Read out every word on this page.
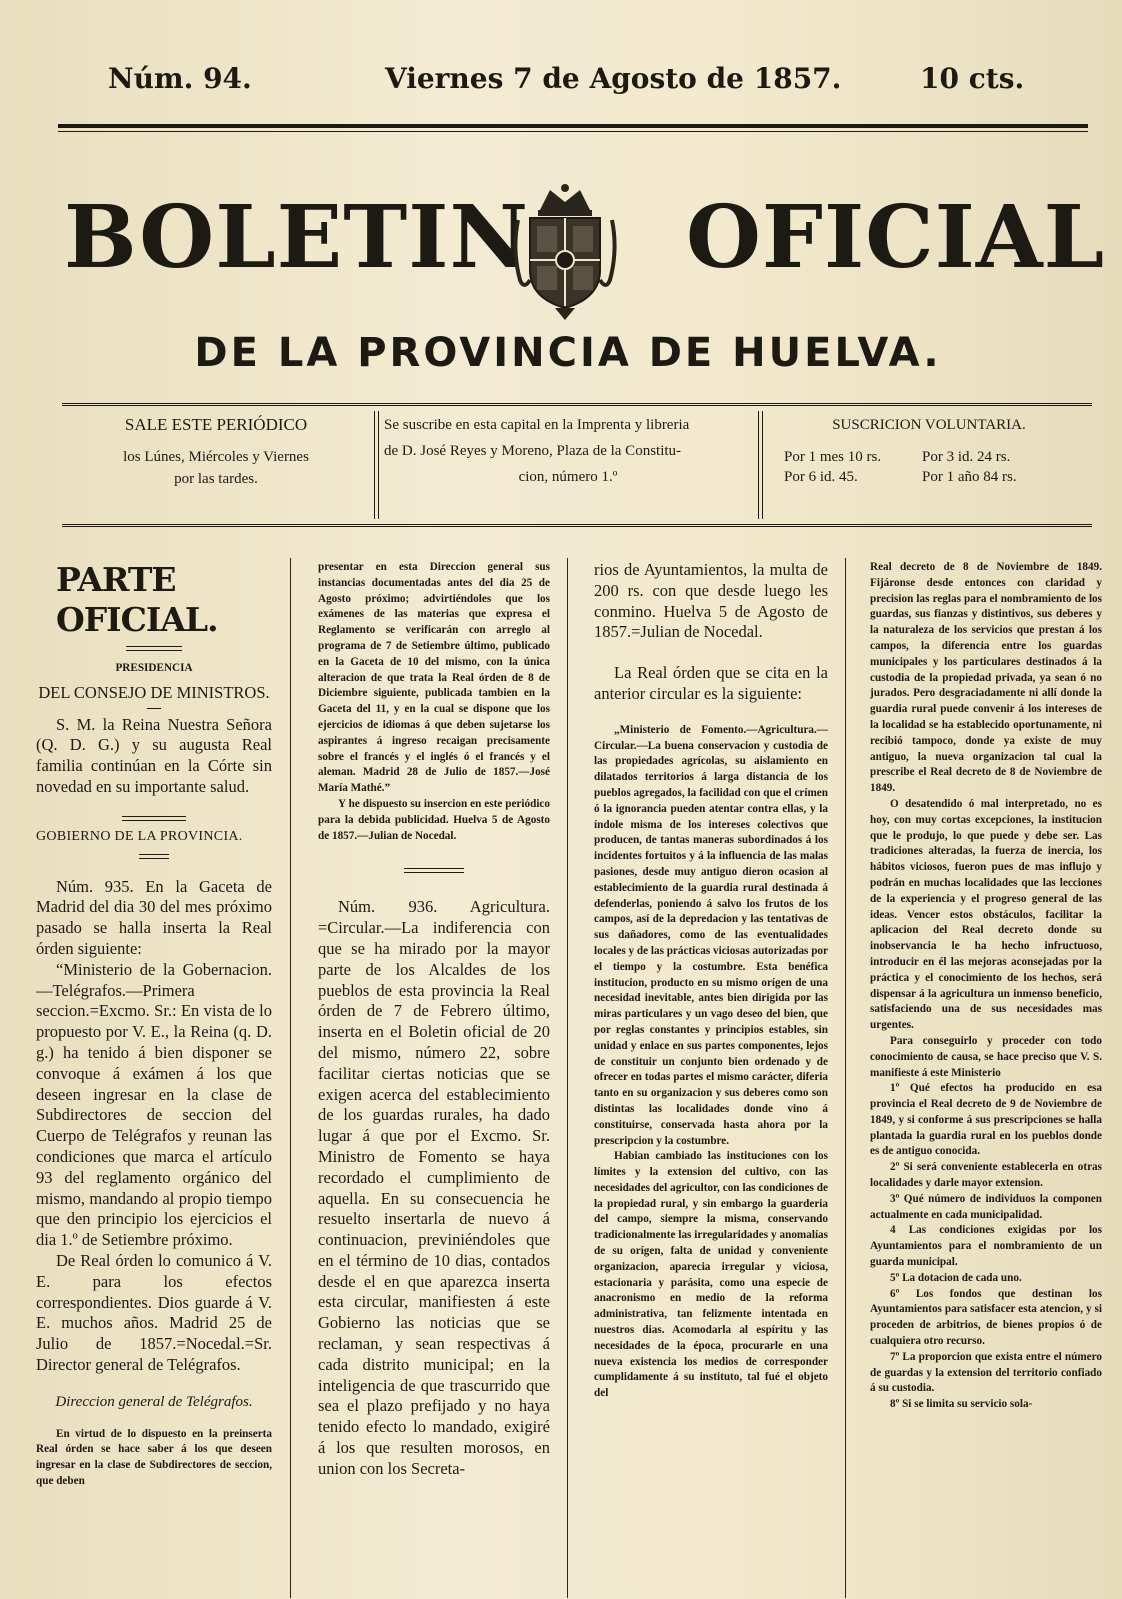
Núm. 94.	Viernes 7 de Agosto de 1857.	10 cts.
BOLETIN OFICIAL
DE LA PROVINCIA DE HUELVA.
SALE ESTE PERIÓDICO
los Lúnes, Miércoles y Viernes
por las tardes.
Se suscribe en esta capital en la Imprenta y libreria
de D. José Reyes y Moreno, Plaza de la Constitu-
cion, número 1.º
SUSCRICION VOLUNTARIA.
Por 1 mes 10 rs.	Por 3 id. 24 rs.
Por 6 id. 45.	Por 1 año 84 rs.
PARTE OFICIAL.

PRESIDENCIA

DEL CONSEJO DE MINISTROS.

S. M. la Reina Nuestra Señora (Q. D. G.) y su augusta Real familia continúan en la Córte sin novedad en su importante salud.

GOBIERNO DE LA PROVINCIA.

Núm. 935. En la Gaceta de Madrid del dia 30 del mes próximo pasado se halla inserta la Real órden siguiente:

“Ministerio de la Gobernacion.—Telégrafos.—Primera seccion.=Excmo. Sr.: En vista de lo propuesto por V. E., la Reina (q. D. g.) ha tenido á bien disponer se convoque á exámen á los que deseen ingresar en la clase de Subdirectores de seccion del Cuerpo de Telégrafos y reunan las condiciones que marca el artículo 93 del reglamento orgánico del mismo, mandando al propio tiempo que den principio los ejercicios el dia 1.º de Setiembre próximo.

De Real órden lo comunico á V. E. para los efectos correspondientes. Dios guarde á V. E. muchos años. Madrid 25 de Julio de 1857.=Nocedal.=Sr. Director general de Telégrafos.

Direccion general de Telégrafos.

En virtud de lo dispuesto en la preinserta Real órden se hace saber á los que deseen ingresar en la clase de Subdirectores de seccion, que deben

presentar en esta Direccion general sus instancias documentadas antes del dia 25 de Agosto próximo; advirtiéndoles que los exámenes de las materias que expresa el Reglamento se verificarán con arreglo al programa de 7 de Setiembre último, publicado en la Gaceta de 10 del mismo, con la única alteracion de que trata la Real órden de 8 de Diciembre siguiente, publicada tambien en la Gaceta del 11, y en la cual se dispone que los ejercicios de idiomas á que deben sujetarse los aspirantes á ingreso recaigan precisamente sobre el francés y el inglés ó el francés y el aleman. Madrid 28 de Julio de 1857.—José María Mathé.”

Y he dispuesto su insercion en este periódico para la debida publicidad. Huelva 5 de Agosto de 1857.—Julian de Nocedal.

Núm. 936. Agricultura. =Circular.—La indiferencia con que se ha mirado por la mayor parte de los Alcaldes de los pueblos de esta provincia la Real órden de 7 de Febrero último, inserta en el Boletin oficial de 20 del mismo, número 22, sobre facilitar ciertas noticias que se exigen acerca del establecimiento de los guardas rurales, ha dado lugar á que por el Excmo. Sr. Ministro de Fomento se haya recordado el cumplimiento de aquella. En su consecuencia he resuelto insertarla de nuevo á continuacion, previniéndoles que en el término de 10 dias, contados desde el en que aparezca inserta esta circular, manifiesten á este Gobierno las noticias que se reclaman, y sean respectivas á cada distrito municipal; en la inteligencia de que trascurrido que sea el plazo prefijado y no haya tenido efecto lo mandado, exigiré á los que resulten morosos, en union con los Secreta-

rios de Ayuntamientos, la multa de 200 rs. con que desde luego les conmino. Huelva 5 de Agosto de 1857.=Julian de Nocedal.

La Real órden que se cita en la anterior circular es la siguiente:

„Ministerio de Fomento.—Agricultura.—Circular.—La buena conservacion y custodia de las propiedades agrícolas, su aislamiento en dilatados territorios á larga distancia de los pueblos agregados, la facilidad con que el crímen ó la ignorancia pueden atentar contra ellas, y la índole misma de los intereses colectivos que producen, de tantas maneras subordinados á los incidentes fortuitos y á la influencia de las malas pasiones, desde muy antiguo dieron ocasion al establecimiento de la guardia rural destinada á defenderlas, poniendo á salvo los frutos de los campos, así de la depredacion y las tentativas de sus dañadores, como de las eventualidades locales y de las prácticas viciosas autorizadas por el tiempo y la costumbre. Esta benéfica institucion, producto en su mismo orígen de una necesidad inevitable, antes bien dirigida por las miras particulares y un vago deseo del bien, que por reglas constantes y principios estables, sin unidad y enlace en sus partes componentes, lejos de constituir un conjunto bien ordenado y de ofrecer en todas partes el mismo carácter, diferia tanto en su organizacion y sus deberes como son distintas las localidades donde vino á constituirse, conservada hasta ahora por la prescripcion y la costumbre.

Habian cambiado las instituciones con los límites y la extension del cultivo, con las necesidades del agricultor, con las condiciones de la propiedad rural, y sin embargo la guarderia del campo, siempre la misma, conservando tradicionalmente las irregularidades y anomalías de su orígen, falta de unidad y conveniente organizacion, aparecia irregular y viciosa, estacionaria y parásita, como una especie de anacronismo en medio de la reforma administrativa, tan felizmente intentada en nuestros dias. Acomodarla al espíritu y las necesidades de la época, procurarle en una nueva existencia los medios de corresponder cumplidamente á su instituto, tal fué el objeto del

Real decreto de 8 de Noviembre de 1849. Fijáronse desde entonces con claridad y precision las reglas para el nombramiento de los guardas, sus fianzas y distintivos, sus deberes y la naturaleza de los servicios que prestan á los campos, la diferencia entre los guardas municipales y los particulares destinados á la custodia de la propiedad privada, ya sean ó no jurados. Pero desgraciadamente ni allí donde la guardia rural puede convenir á los intereses de la localidad se ha establecido oportunamente, ni recibió tampoco, donde ya existe de muy antiguo, la nueva organizacion tal cual la prescribe el Real decreto de 8 de Noviembre de 1849.

O desatendido ó mal interpretado, no es hoy, con muy cortas excepciones, la institucion que le produjo, lo que puede y debe ser. Las tradiciones alteradas, la fuerza de inercia, los hábitos viciosos, fueron pues de mas influjo y podrán en muchas localidades que las lecciones de la experiencia y el progreso general de las ideas. Vencer estos obstáculos, facilitar la aplicacion del Real decreto donde su inobservancia le ha hecho infructuoso, introducir en él las mejoras aconsejadas por la práctica y el conocimiento de los hechos, será dispensar á la agricultura un inmenso beneficio, satisfaciendo una de sus necesidades mas urgentes.

Para conseguirlo y proceder con todo conocimiento de causa, se hace preciso que V. S. manifieste á este Ministerio

1º Qué efectos ha producido en esa provincia el Real decreto de 9 de Noviembre de 1849, y si conforme á sus prescripciones se halla plantada la guardia rural en los pueblos donde es de antiguo conocida.

2º Si será conveniente establecerla en otras localidades y darle mayor extension.

3º Qué número de individuos la componen actualmente en cada municipalidad.

4 Las condiciones exigidas por los Ayuntamientos para el nombramiento de un guarda municipal.

5º La dotacion de cada uno.

6º Los fondos que destinan los Ayuntamientos para satisfacer esta atencion, y si proceden de arbitrios, de bienes propios ó de cualquiera otro recurso.

7º La proporcion que exista entre el número de guardas y la extension del territorio confiado á su custodia.

8º Si se limita su servicio sola-
